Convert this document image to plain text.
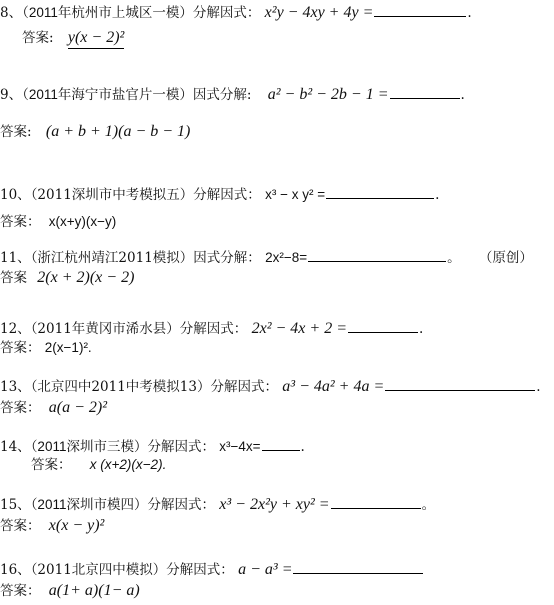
8、（2011年杭州市上城区一模）分解因式： x²y − 4xy + 4y =	.
答案: y(x − 2)²
9、（2011年海宁市盐官片一模）因式分解: a² − b² − 2b − 1 =	.
答案: (a + b + 1)(a − b − 1)
10、（2011深圳市中考模拟五）分解因式： x³ − x y² =	.
答案： x(x+y)(x−y)
11、（浙江杭州靖江2011模拟）因式分解： 2x²−8=	。 （原创）
答案 2(x + 2)(x − 2)
12、（2011年黄冈市浠水县）分解因式： 2x² − 4x + 2 =	.
答案： 2(x−1)².
13、（北京四中2011中考模拟13）分解因式： a³ − 4a² + 4a =	.
答案： a(a − 2)²
14、（2011深圳市三模）分解因式： x³−4x=	.
答案： x (x+2)(x−2).
15、（2011深圳市模四）分解因式： x³ − 2x²y + xy² =	。
答案： x(x − y)²
16、（2011北京四中模拟）分解因式： a − a³ =
答案： a(1+ a)(1− a)
